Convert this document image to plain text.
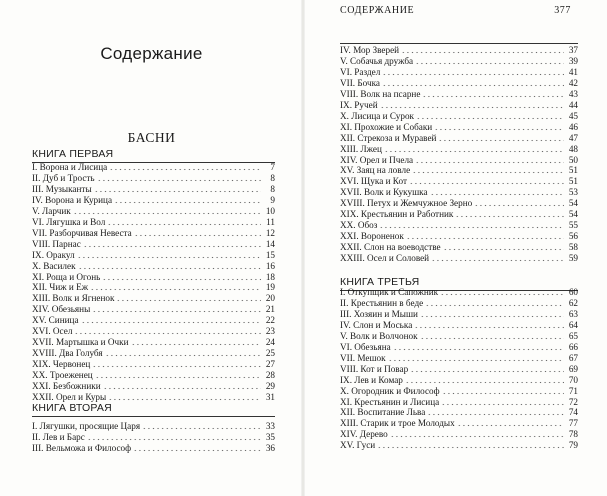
Содержание
БАСНИ
КНИГА ПЕРВАЯ
I. Ворона и Лисица	7
II. Дуб и Трость	8
III. Музыканты	8
IV. Ворона и Курица	9
V. Ларчик	10
VI. Лягушка и Вол	11
VII. Разборчивая Невеста	12
VIII. Парнас	14
IX. Оракул	15
X. Василек	16
XI. Роща и Огонь	18
XII. Чиж и Еж	19
XIII. Волк и Ягненок	20
XIV. Обезьяны	21
XV. Синица	22
XVI. Осел	23
XVII. Мартышка и Очки	24
XVIII. Два Голубя	25
XIX. Червонец	27
XX. Троеженец	28
XXI. Безбожники	29
XXII. Орел и Куры	31
КНИГА ВТОРАЯ
I. Лягушки, просящие Царя	33
II. Лев и Барс	35
III. Вельможа и Философ	36
СОДЕРЖАНИЕ	377
IV. Мор Зверей	37
V. Собачья дружба	39
VI. Раздел	41
VII. Бочка	42
VIII. Волк на псарне	43
IX. Ручей	44
X. Лисица и Сурок	45
XI. Прохожие и Собаки	46
XII. Стрекоза и Муравей	47
XIII. Лжец	48
XIV. Орел и Пчела	50
XV. Заяц на ловле	51
XVI. Щука и Кот	51
XVII. Волк и Кукушка	53
XVIII. Петух и Жемчужное Зерно	54
XIX. Крестьянин и Работник	54
XX. Обоз	55
XXI. Вороненок	56
XXII. Слон на воеводстве	58
XXIII. Осел и Соловей	59
КНИГА ТРЕТЬЯ
I. Откупщик и Сапожник	60
II. Крестьянин в беде	62
III. Хозяин и Мыши	63
IV. Слон и Моська	64
V. Волк и Волчонок	65
VI. Обезьяна	66
VII. Мешок	67
VIII. Кот и Повар	69
IX. Лев и Комар	70
X. Огородник и Философ	71
XI. Крестьянин и Лисица	72
XII. Воспитание Льва	74
XIII. Старик и трое Молодых	77
XIV. Дерево	78
XV. Гуси	79
